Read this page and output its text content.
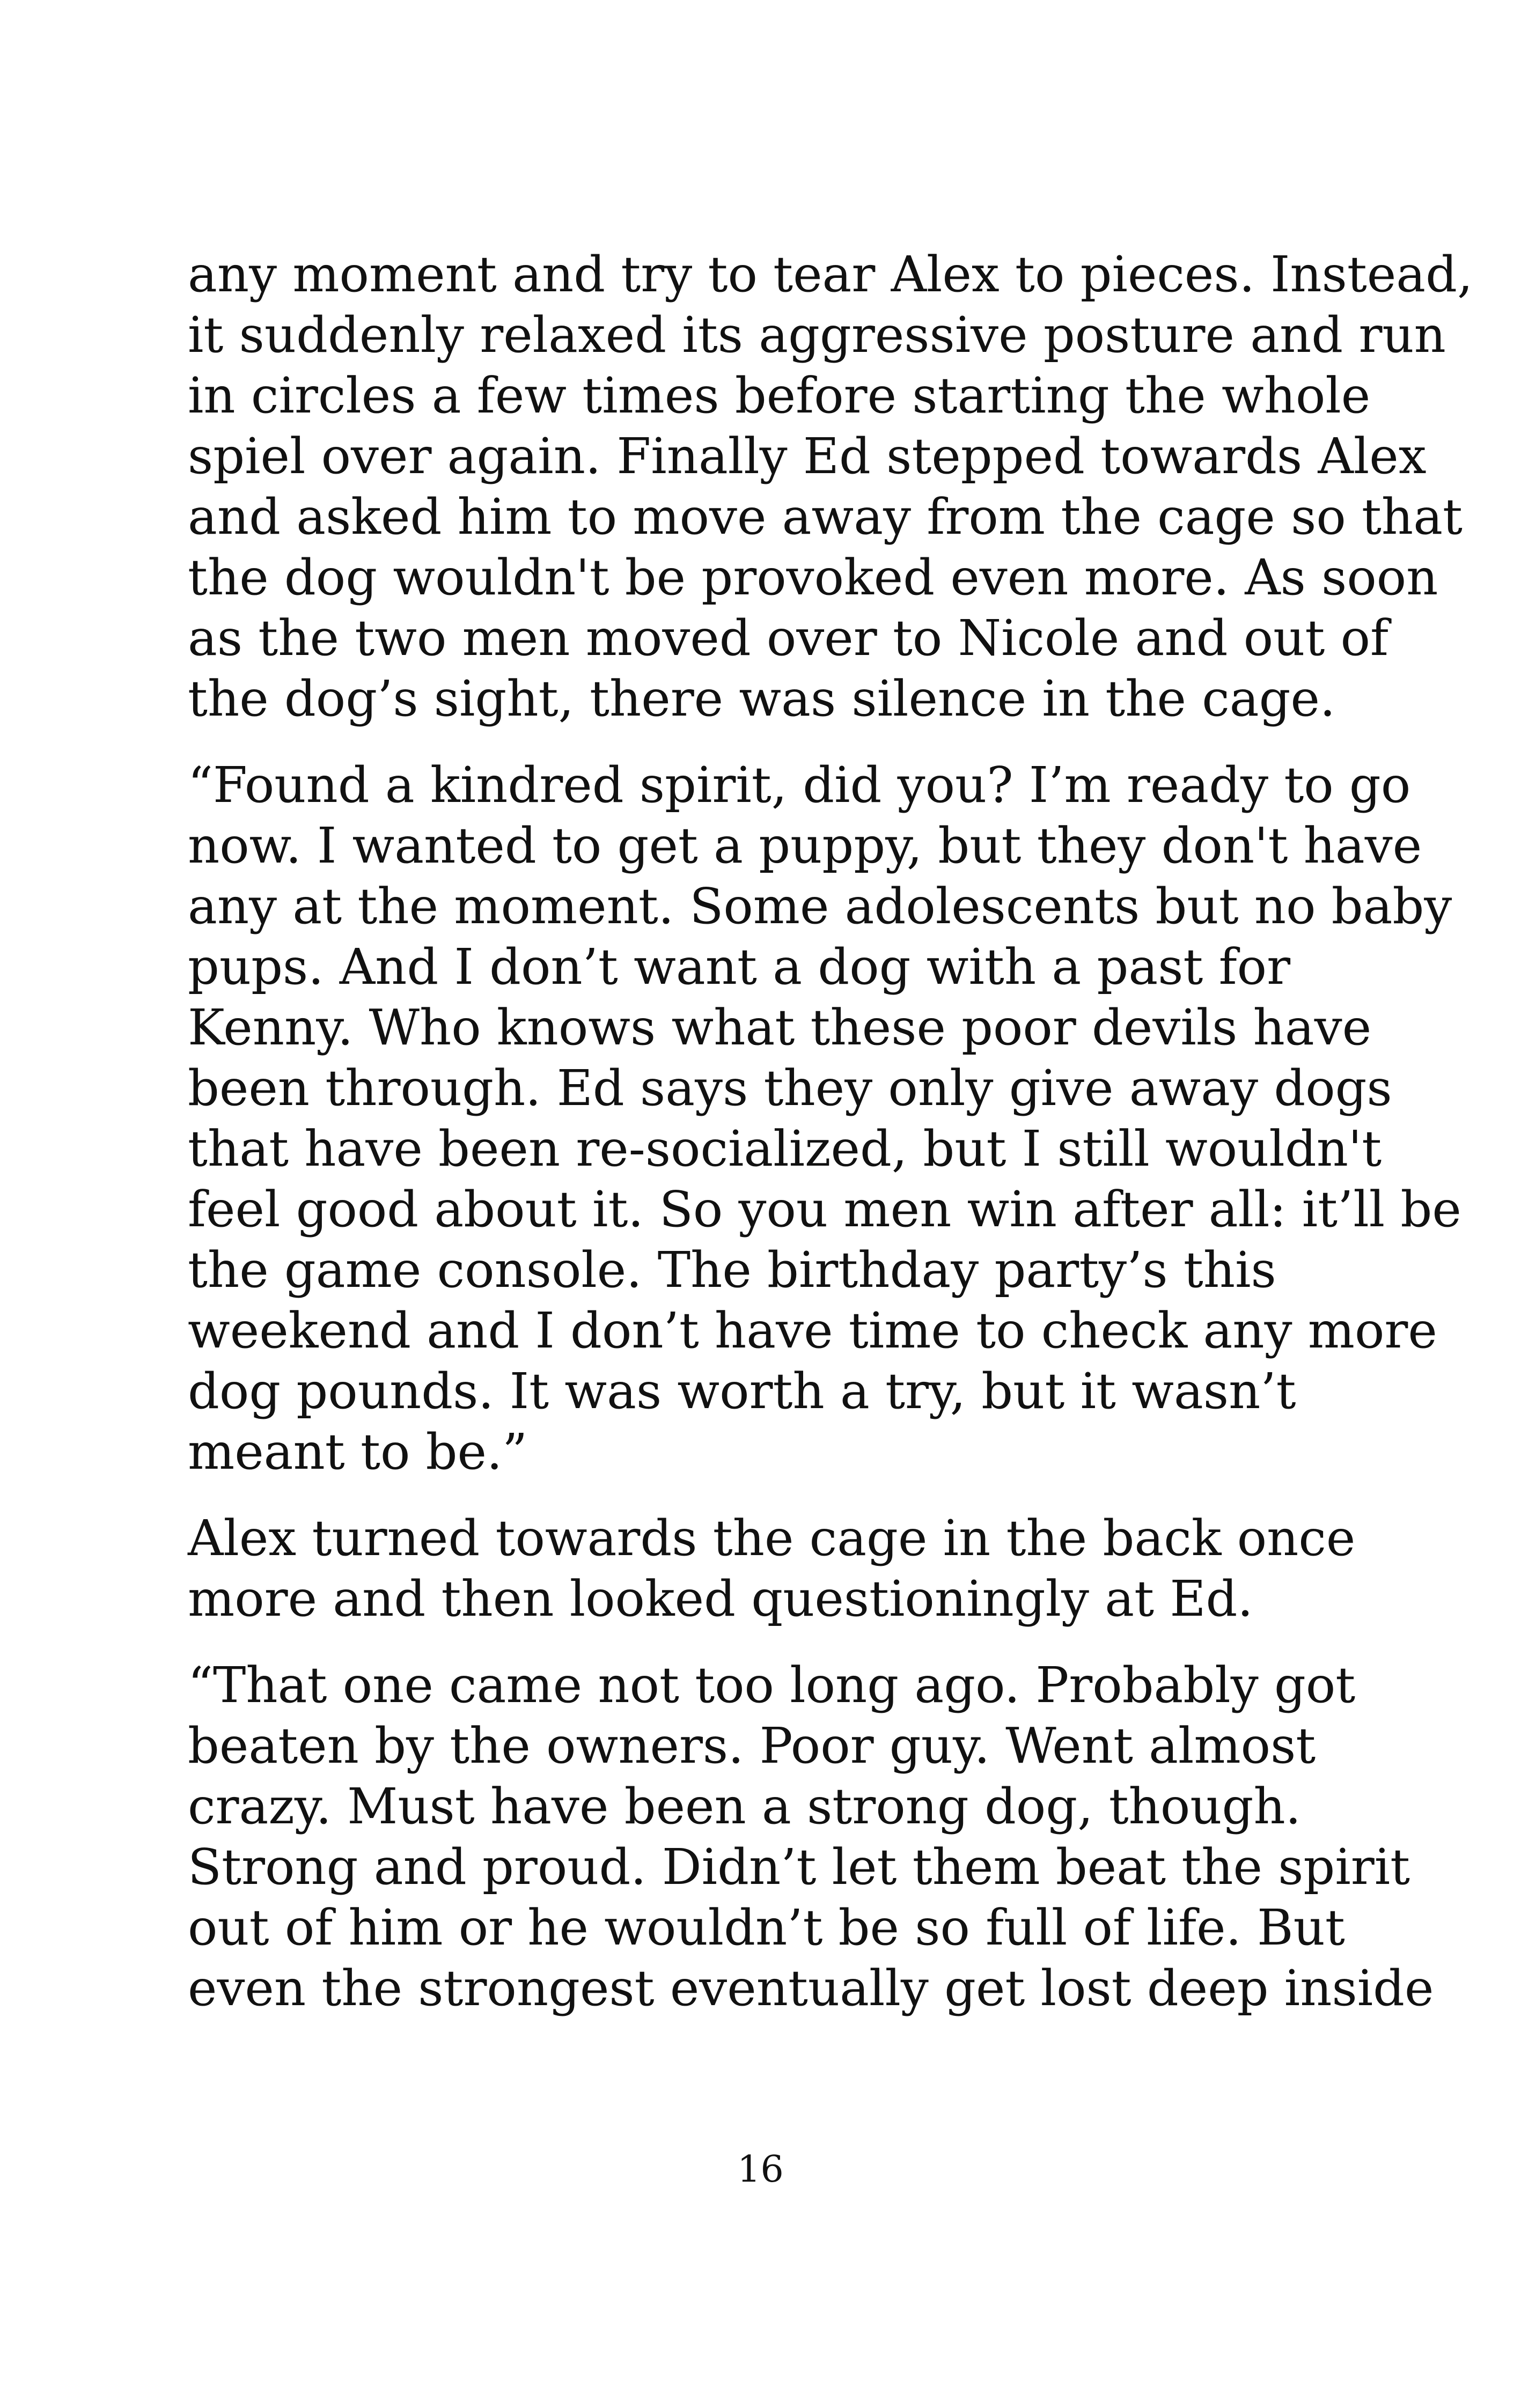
any moment and try to tear Alex to pieces. Instead,
it suddenly relaxed its aggressive posture and run
in circles a few times before starting the whole
spiel over again. Finally Ed stepped towards Alex
and asked him to move away from the cage so that
the dog wouldn't be provoked even more. As soon
as the two men moved over to Nicole and out of
the dog’s sight, there was silence in the cage.

“Found a kindred spirit, did you? I’m ready to go
now. I wanted to get a puppy, but they don't have
any at the moment. Some adolescents but no baby
pups. And I don’t want a dog with a past for
Kenny. Who knows what these poor devils have
been through. Ed says they only give away dogs
that have been re-socialized, but I still wouldn't
feel good about it. So you men win after all: it’ll be
the game console. The birthday party’s this
weekend and I don’t have time to check any more
dog pounds. It was worth a try, but it wasn’t
meant to be.”

Alex turned towards the cage in the back once
more and then looked questioningly at Ed.

“That one came not too long ago. Probably got
beaten by the owners. Poor guy. Went almost
crazy. Must have been a strong dog, though.
Strong and proud. Didn’t let them beat the spirit
out of him or he wouldn’t be so full of life. But
even the strongest eventually get lost deep inside

16
